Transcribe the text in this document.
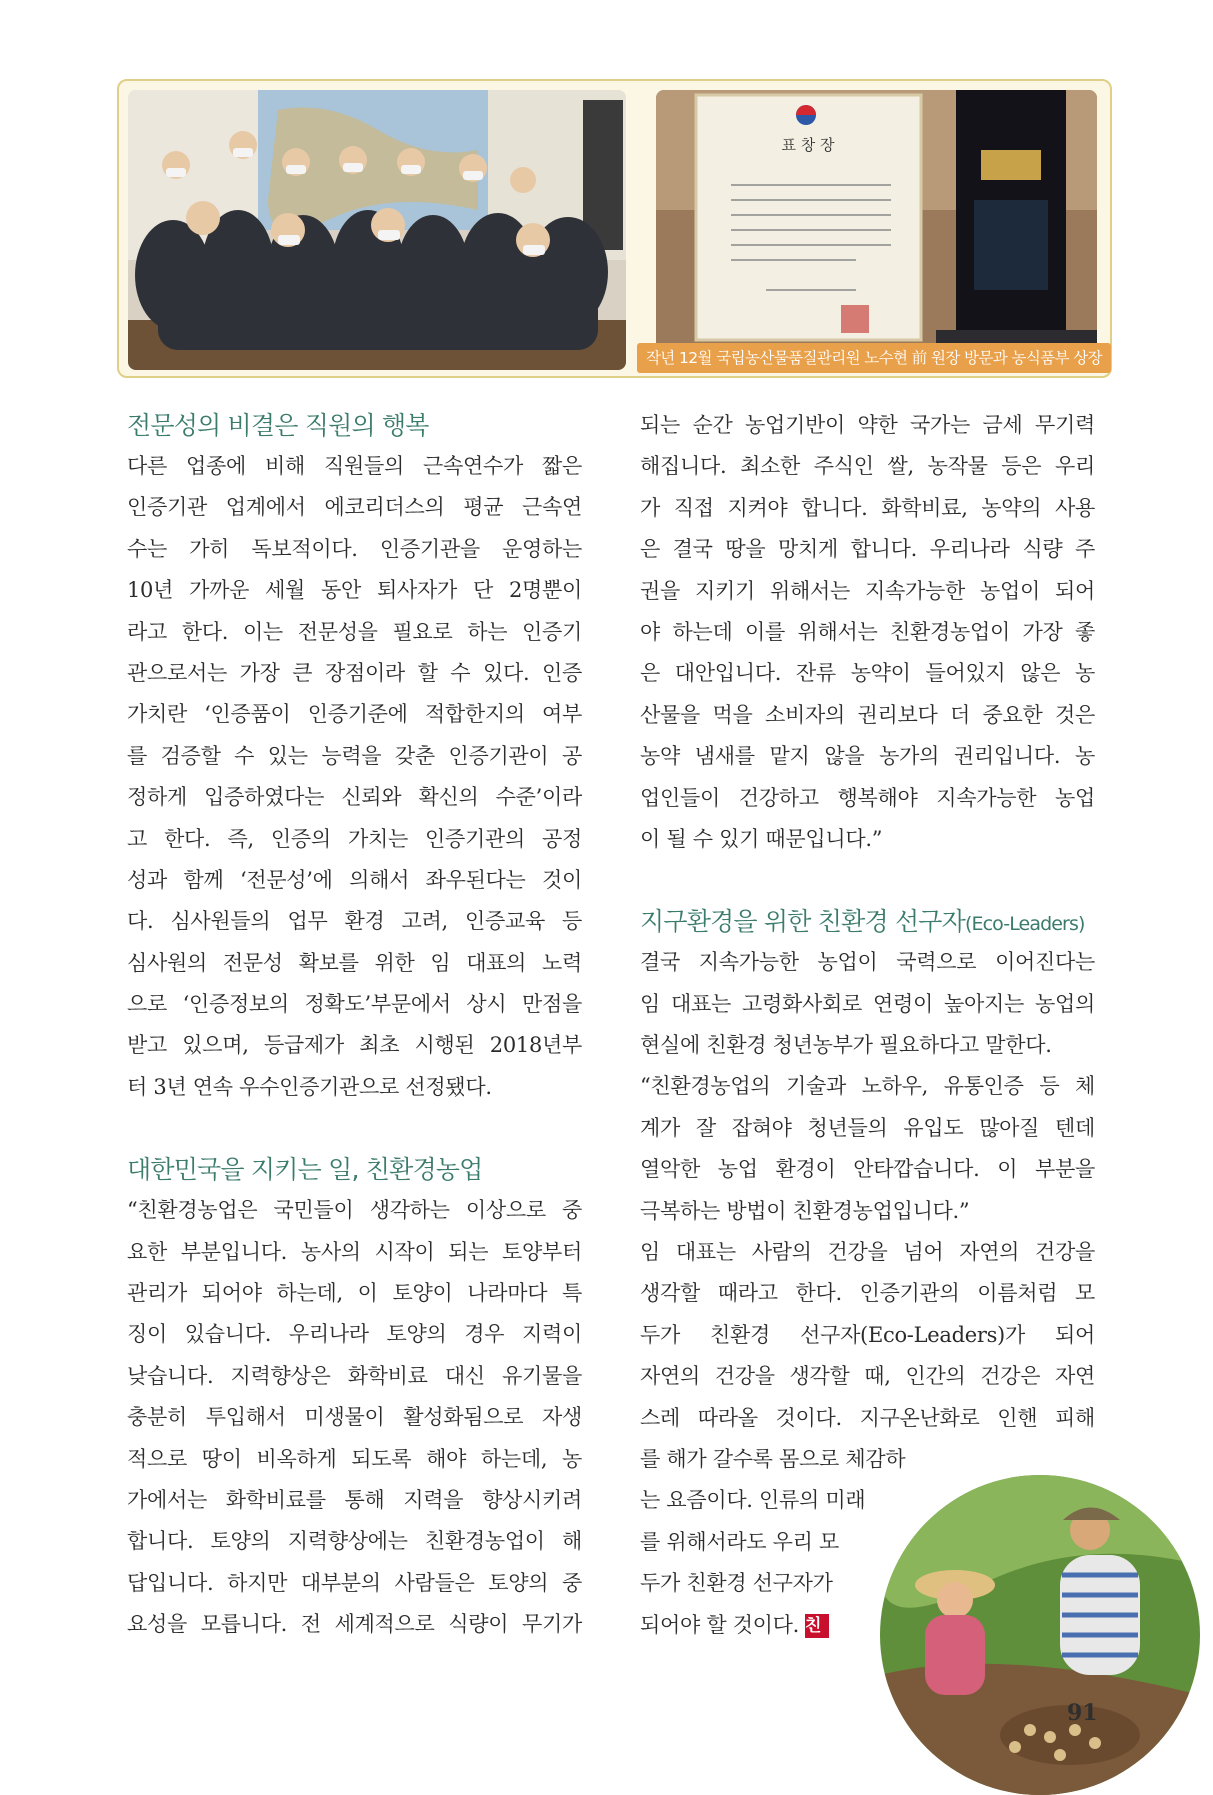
표 창 장
작년 12월 국립농산물품질관리원 노수현 前 원장 방문과 농식품부 상장
전문성의 비결은 직원의 행복
다른 업종에 비해 직원들의 근속연수가 짧은
인증기관 업계에서 에코리더스의 평균 근속연
수는 가히 독보적이다. 인증기관을 운영하는
10년 가까운 세월 동안 퇴사자가 단 2명뿐이
라고 한다. 이는 전문성을 필요로 하는 인증기
관으로서는 가장 큰 장점이라 할 수 있다. 인증
가치란 ‘인증품이 인증기준에 적합한지의 여부
를 검증할 수 있는 능력을 갖춘 인증기관이 공
정하게 입증하였다는 신뢰와 확신의 수준’이라
고 한다. 즉, 인증의 가치는 인증기관의 공정
성과 함께 ‘전문성’에 의해서 좌우된다는 것이
다. 심사원들의 업무 환경 고려, 인증교육 등
심사원의 전문성 확보를 위한 임 대표의 노력
으로 ‘인증정보의 정확도’부문에서 상시 만점을
받고 있으며, 등급제가 최초 시행된 2018년부
터 3년 연속 우수인증기관으로 선정됐다.
대한민국을 지키는 일, 친환경농업
“친환경농업은 국민들이 생각하는 이상으로 중
요한 부분입니다. 농사의 시작이 되는 토양부터
관리가 되어야 하는데, 이 토양이 나라마다 특
징이 있습니다. 우리나라 토양의 경우 지력이
낮습니다. 지력향상은 화학비료 대신 유기물을
충분히 투입해서 미생물이 활성화됨으로 자생
적으로 땅이 비옥하게 되도록 해야 하는데, 농
가에서는 화학비료를 통해 지력을 향상시키려
합니다. 토양의 지력향상에는 친환경농업이 해
답입니다. 하지만 대부분의 사람들은 토양의 중
요성을 모릅니다. 전 세계적으로 식량이 무기가
되는 순간 농업기반이 약한 국가는 금세 무기력
해집니다. 최소한 주식인 쌀, 농작물 등은 우리
가 직접 지켜야 합니다. 화학비료, 농약의 사용
은 결국 땅을 망치게 합니다. 우리나라 식량 주
권을 지키기 위해서는 지속가능한 농업이 되어
야 하는데 이를 위해서는 친환경농업이 가장 좋
은 대안입니다. 잔류 농약이 들어있지 않은 농
산물을 먹을 소비자의 권리보다 더 중요한 것은
농약 냄새를 맡지 않을 농가의 권리입니다. 농
업인들이 건강하고 행복해야 지속가능한 농업
이 될 수 있기 때문입니다.”
지구환경을 위한 친환경 선구자(Eco-Leaders)
결국 지속가능한 농업이 국력으로 이어진다는
임 대표는 고령화사회로 연령이 높아지는 농업의
현실에 친환경 청년농부가 필요하다고 말한다.
“친환경농업의 기술과 노하우, 유통인증 등 체
계가 잘 잡혀야 청년들의 유입도 많아질 텐데
열악한 농업 환경이 안타깝습니다. 이 부분을
극복하는 방법이 친환경농업입니다.”
임 대표는 사람의 건강을 넘어 자연의 건강을
생각할 때라고 한다. 인증기관의 이름처럼 모
두가 친환경 선구자(Eco-Leaders)가 되어
자연의 건강을 생각할 때, 인간의 건강은 자연
스레 따라올 것이다. 지구온난화로 인핸 피해
를 해가 갈수록 몸으로 체감하
는 요즘이다. 인류의 미래
를 위해서라도 우리 모
두가 친환경 선구자가
되어야 할 것이다. 친
91
